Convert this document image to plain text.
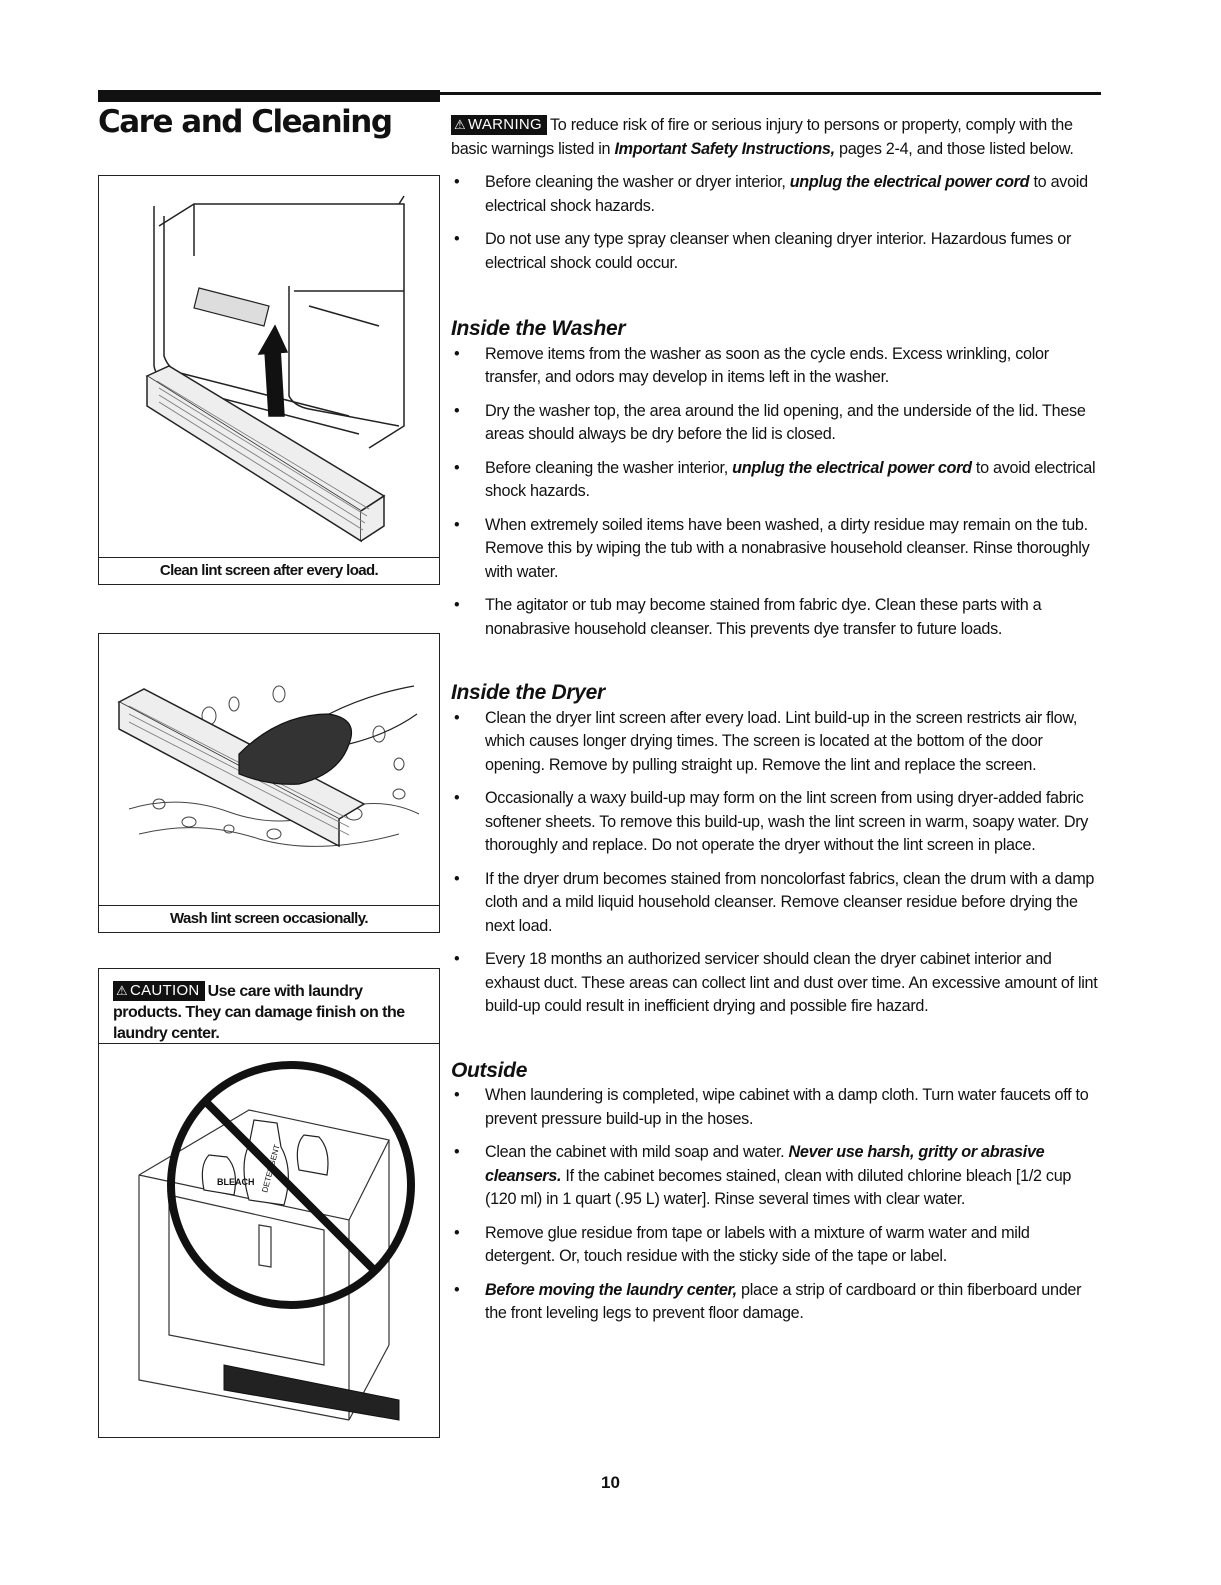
Care and Cleaning
Clean lint screen after every load.
Wash lint screen occasionally.
⚠ CAUTION Use care with laundry products. They can damage finish on the laundry center.
BLEACH DETERGENT

⚠ WARNING To reduce risk of fire or serious injury to persons or property, comply with the basic warnings listed in Important Safety Instructions, pages 2-4, and those listed below.

• Before cleaning the washer or dryer interior, unplug the electrical power cord to avoid electrical shock hazards.
• Do not use any type spray cleanser when cleaning dryer interior. Hazardous fumes or electrical shock could occur.
Inside the Washer
• Remove items from the washer as soon as the cycle ends. Excess wrinkling, color transfer, and odors may develop in items left in the washer.
• Dry the washer top, the area around the lid opening, and the underside of the lid. These areas should always be dry before the lid is closed.
• Before cleaning the washer interior, unplug the electrical power cord to avoid electrical shock hazards.
• When extremely soiled items have been washed, a dirty residue may remain on the tub. Remove this by wiping the tub with a nonabrasive household cleanser. Rinse thoroughly with water.
• The agitator or tub may become stained from fabric dye. Clean these parts with a nonabrasive household cleanser. This prevents dye transfer to future loads.
Inside the Dryer
• Clean the dryer lint screen after every load. Lint build-up in the screen restricts air flow, which causes longer drying times. The screen is located at the bottom of the door opening. Remove by pulling straight up. Remove the lint and replace the screen.
• Occasionally a waxy build-up may form on the lint screen from using dryer-added fabric softener sheets. To remove this build-up, wash the lint screen in warm, soapy water. Dry thoroughly and replace. Do not operate the dryer without the lint screen in place.
• If the dryer drum becomes stained from noncolorfast fabrics, clean the drum with a damp cloth and a mild liquid household cleanser. Remove cleanser residue before drying the next load.
• Every 18 months an authorized servicer should clean the dryer cabinet interior and exhaust duct. These areas can collect lint and dust over time. An excessive amount of lint build-up could result in inefficient drying and possible fire hazard.
Outside
• When laundering is completed, wipe cabinet with a damp cloth. Turn water faucets off to prevent pressure build-up in the hoses.
• Clean the cabinet with mild soap and water. Never use harsh, gritty or abrasive cleansers. If the cabinet becomes stained, clean with diluted chlorine bleach [1/2 cup (120 ml) in 1 quart (.95 L) water]. Rinse several times with clear water.
• Remove glue residue from tape or labels with a mixture of warm water and mild detergent. Or, touch residue with the sticky side of the tape or label.
• Before moving the laundry center, place a strip of cardboard or thin fiberboard under the front leveling legs to prevent floor damage.
10
